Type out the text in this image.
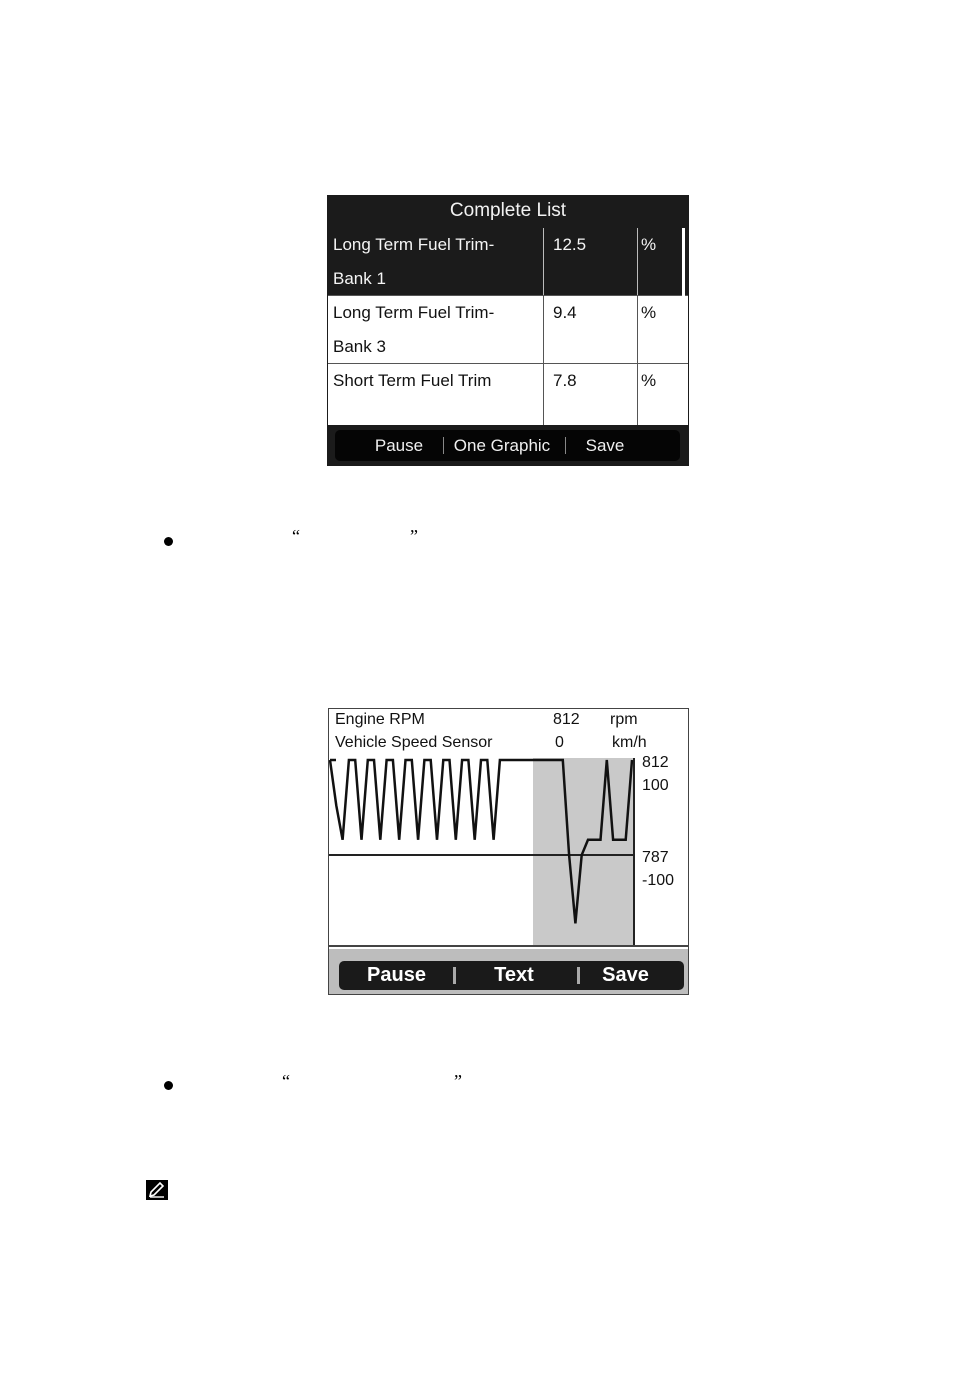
Complete List
Long Term Fuel Trim-
Bank 1
12.5	%
Long Term Fuel Trim-
Bank 3
9.4	%
Short Term Fuel Trim	7.8	%
Pause	One Graphic	Save
“	”
Engine RPM	812 rpm
Vehicle Speed Sensor	0	km/h
812
100
787
-100
Pause	Text	Save
“	”
